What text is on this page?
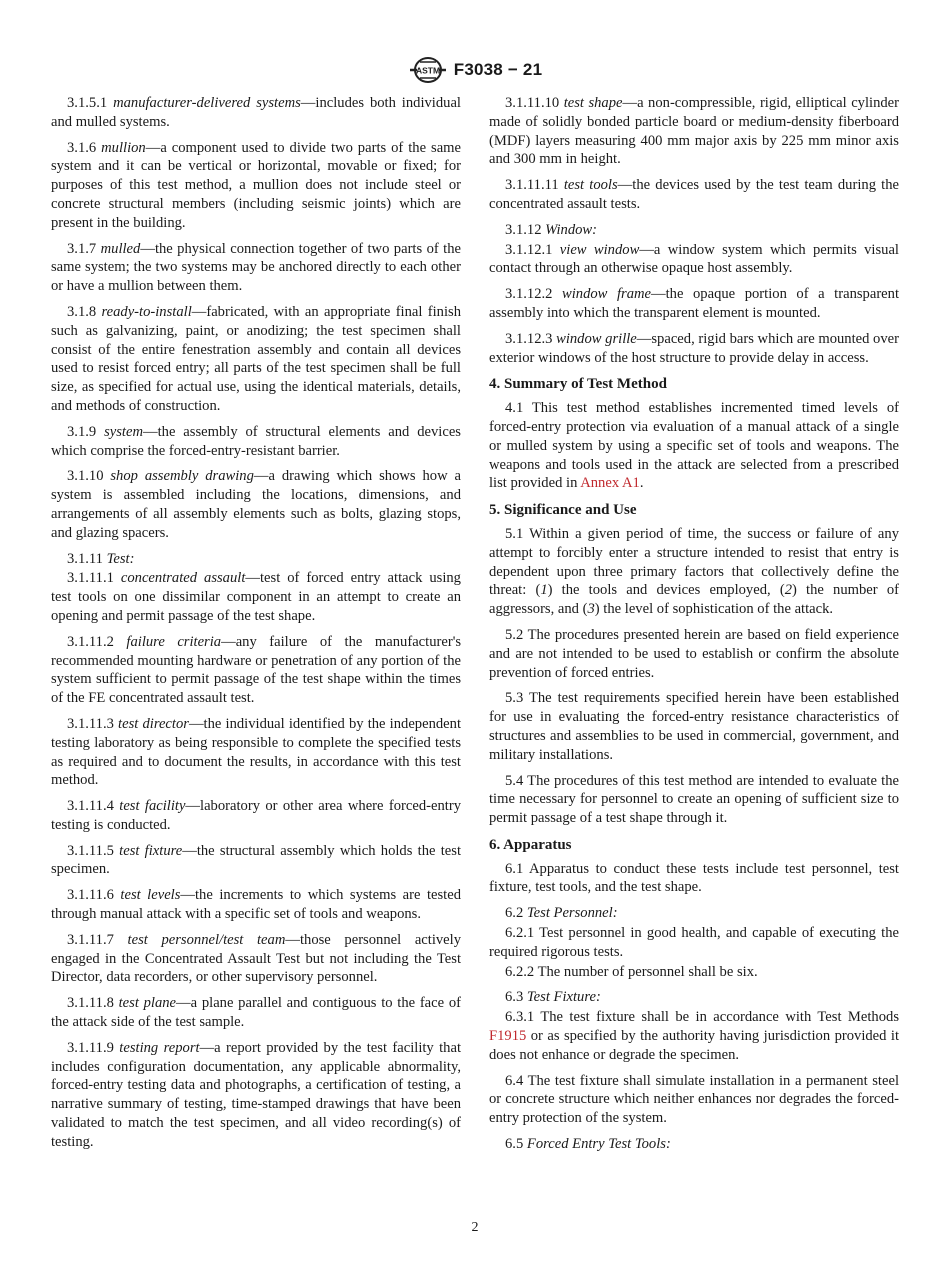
ASTM F3038 − 21

3.1.5.1 manufacturer-delivered systems—includes both individual and mulled systems.

3.1.6 mullion—a component used to divide two parts of the same system and it can be vertical or horizontal, movable or fixed; for purposes of this test method, a mullion does not include steel or concrete structural members (including seismic joints) which are present in the building.

3.1.7 mulled—the physical connection together of two parts of the same system; the two systems may be anchored directly to each other or have a mullion between them.

3.1.8 ready-to-install—fabricated, with an appropriate final finish such as galvanizing, paint, or anodizing; the test specimen shall consist of the entire fenestration assembly and contain all devices used to resist forced entry; all parts of the test specimen shall be full size, as specified for actual use, using the identical materials, details, and methods of construction.

3.1.9 system—the assembly of structural elements and devices which comprise the forced-entry-resistant barrier.

3.1.10 shop assembly drawing—a drawing which shows how a system is assembled including the locations, dimensions, and arrangements of all assembly elements such as bolts, glazing stops, and glazing spacers.

3.1.11 Test:

3.1.11.1 concentrated assault—test of forced entry attack using test tools on one dissimilar component in an attempt to create an opening and permit passage of the test shape.

3.1.11.2 failure criteria—any failure of the manufacturer's recommended mounting hardware or penetration of any portion of the system sufficient to permit passage of the test shape within the times of the FE concentrated assault test.

3.1.11.3 test director—the individual identified by the independent testing laboratory as being responsible to complete the specified tests as required and to document the results, in accordance with this test method.

3.1.11.4 test facility—laboratory or other area where forced-entry testing is conducted.

3.1.11.5 test fixture—the structural assembly which holds the test specimen.

3.1.11.6 test levels—the increments to which systems are tested through manual attack with a specific set of tools and weapons.

3.1.11.7 test personnel/test team—those personnel actively engaged in the Concentrated Assault Test but not including the Test Director, data recorders, or other supervisory personnel.

3.1.11.8 test plane—a plane parallel and contiguous to the face of the attack side of the test sample.

3.1.11.9 testing report—a report provided by the test facility that includes configuration documentation, any applicable abnormality, forced-entry testing data and photographs, a certification of testing, a narrative summary of testing, time-stamped drawings that have been validated to match the test specimen, and all video recording(s) of testing.

3.1.11.10 test shape—a non-compressible, rigid, elliptical cylinder made of solidly bonded particle board or medium-density fiberboard (MDF) layers measuring 400 mm major axis by 225 mm minor axis and 300 mm in height.

3.1.11.11 test tools—the devices used by the test team during the concentrated assault tests.

3.1.12 Window:

3.1.12.1 view window—a window system which permits visual contact through an otherwise opaque host assembly.

3.1.12.2 window frame—the opaque portion of a transparent assembly into which the transparent element is mounted.

3.1.12.3 window grille—spaced, rigid bars which are mounted over exterior windows of the host structure to provide delay in access.

4. Summary of Test Method

4.1 This test method establishes incremented timed levels of forced-entry protection via evaluation of a manual attack of a single or mulled system by using a specific set of tools and weapons. The weapons and tools used in the attack are selected from a prescribed list provided in Annex A1.

5. Significance and Use

5.1 Within a given period of time, the success or failure of any attempt to forcibly enter a structure intended to resist that entry is dependent upon three primary factors that collectively define the threat: (1) the tools and devices employed, (2) the number of aggressors, and (3) the level of sophistication of the attack.

5.2 The procedures presented herein are based on field experience and are not intended to be used to establish or confirm the absolute prevention of forced entries.

5.3 The test requirements specified herein have been established for use in evaluating the forced-entry resistance characteristics of structures and assemblies to be used in commercial, government, and military installations.

5.4 The procedures of this test method are intended to evaluate the time necessary for personnel to create an opening of sufficient size to permit passage of a test shape through it.

6. Apparatus

6.1 Apparatus to conduct these tests include test personnel, test fixture, test tools, and the test shape.

6.2 Test Personnel:

6.2.1 Test personnel in good health, and capable of executing the required rigorous tests.

6.2.2 The number of personnel shall be six.

6.3 Test Fixture:

6.3.1 The test fixture shall be in accordance with Test Methods F1915 or as specified by the authority having jurisdiction provided it does not enhance or degrade the specimen.

6.4 The test fixture shall simulate installation in a permanent steel or concrete structure which neither enhances nor degrades the forced-entry protection of the system.

6.5 Forced Entry Test Tools:

2
